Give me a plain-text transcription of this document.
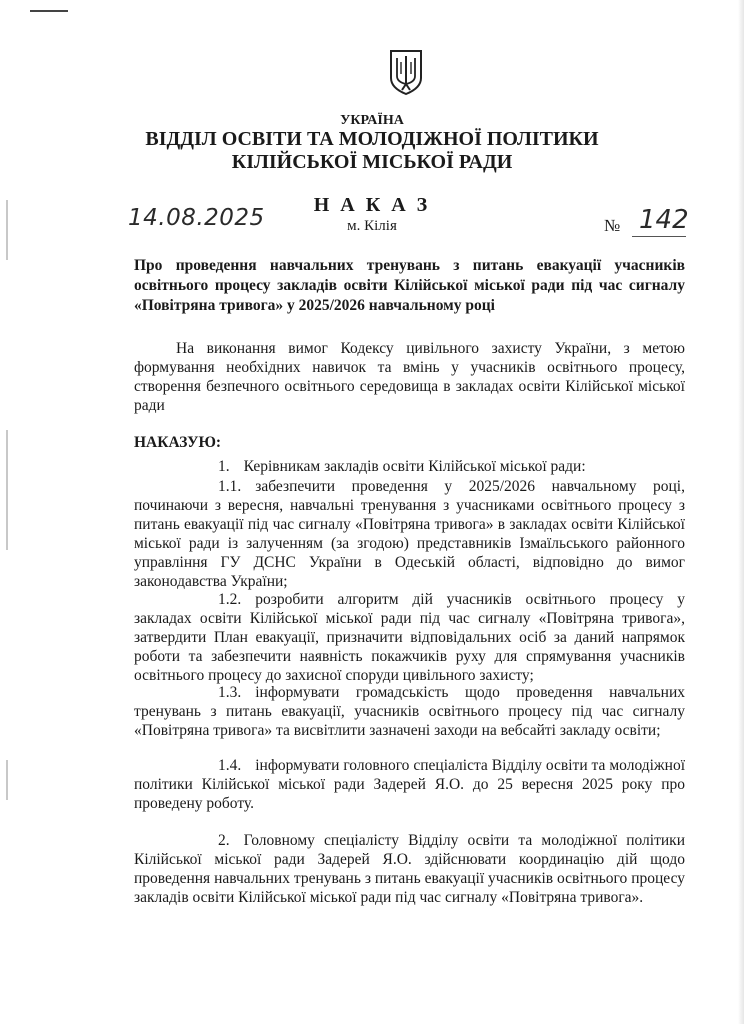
УКРАЇНА
ВІДДІЛ ОСВІТИ ТА МОЛОДІЖНОЇ ПОЛІТИКИ
КІЛІЙСЬКОЇ МІСЬКОЇ РАДИ
Н А К А З
м. Кілія
14.08.2025	№ 142
Про проведення навчальних тренувань з питань евакуації учасників освітнього процесу закладів освіти Кілійської міської ради під час сигналу «Повітряна тривога» у 2025/2026 навчальному році
На виконання вимог Кодексу цивільного захисту України, з метою формування необхідних навичок та вмінь у учасників освітнього процесу, створення безпечного освітнього середовища в закладах освіти Кілійської міської ради
НАКАЗУЮ:
1. Керівникам закладів освіти Кілійської міської ради:
1.1. забезпечити проведення у 2025/2026 навчальному році, починаючи з вересня, навчальні тренування з учасниками освітнього процесу з питань евакуації під час сигналу «Повітряна тривога» в закладах освіти Кілійської міської ради із залученням (за згодою) представників Ізмаїльського районного управління ГУ ДСНС України в Одеській області, відповідно до вимог законодавства України;
1.2. розробити алгоритм дій учасників освітнього процесу у закладах освіти Кілійської міської ради під час сигналу «Повітряна тривога», затвердити План евакуації, призначити відповідальних осіб за даний напрямок роботи та забезпечити наявність покажчиків руху для спрямування учасників освітнього процесу до захисної споруди цивільного захисту;
1.3. інформувати громадськість щодо проведення навчальних тренувань з питань евакуації, учасників освітнього процесу під час сигналу «Повітряна тривога» та висвітлити зазначені заходи на вебсайті закладу освіти;
1.4. інформувати головного спеціаліста Відділу освіти та молодіжної політики Кілійської міської ради Задерей Я.О. до 25 вересня 2025 року про проведену роботу.
2. Головному спеціалісту Відділу освіти та молодіжної політики Кілійської міської ради Задерей Я.О. здійснювати координацію дій щодо проведення навчальних тренувань з питань евакуації учасників освітнього процесу закладів освіти Кілійської міської ради під час сигналу «Повітряна тривога».
